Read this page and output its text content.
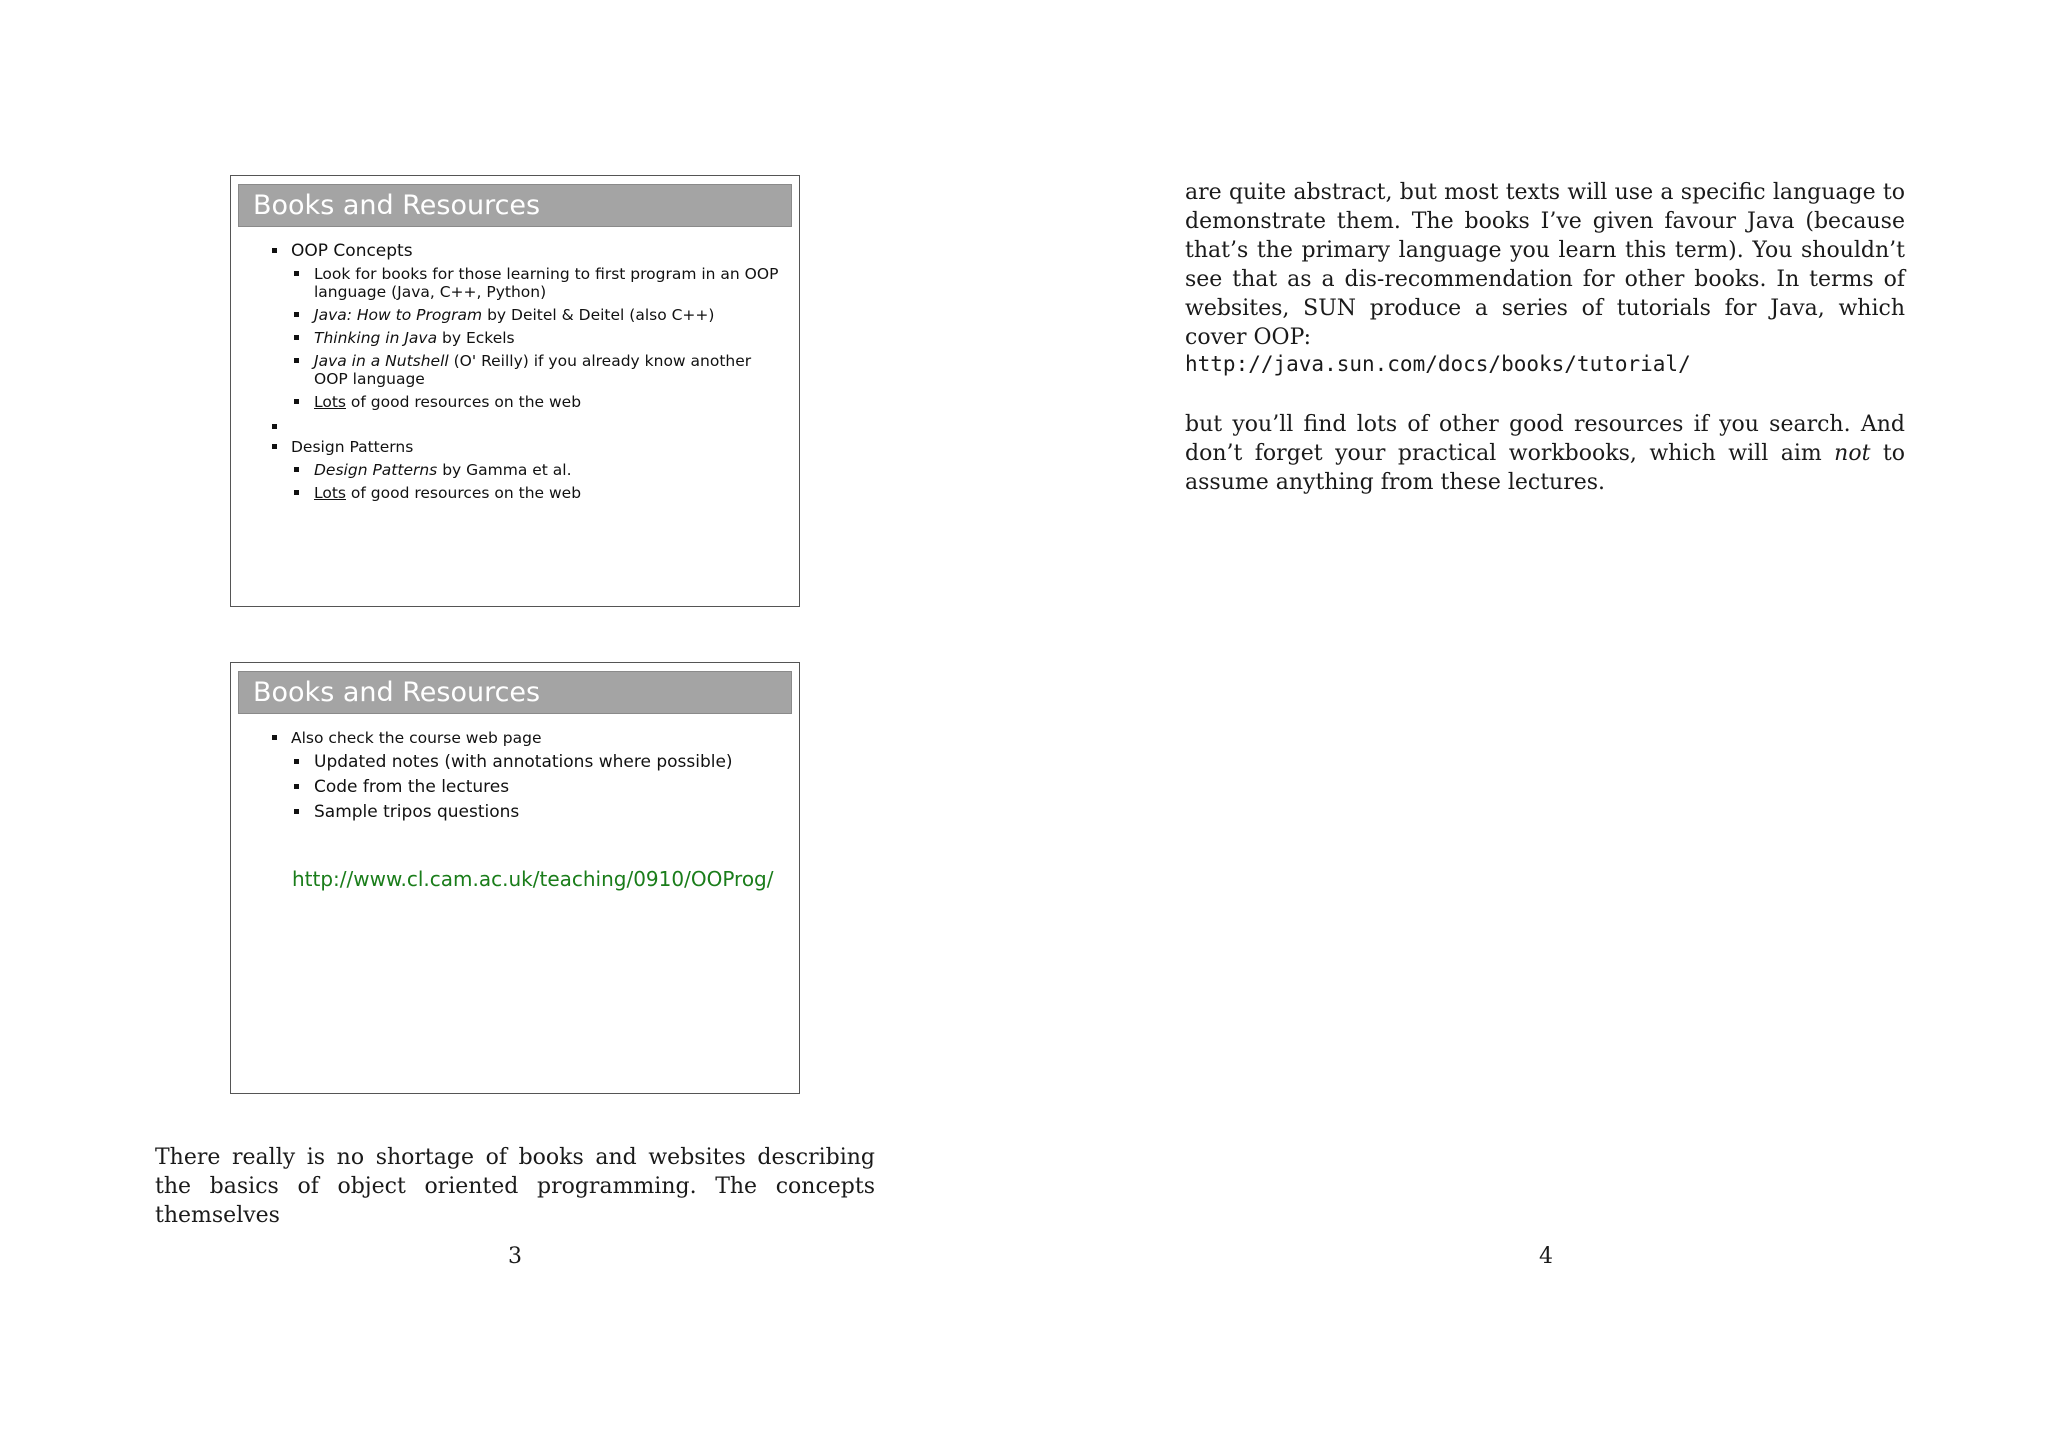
Books and Resources
OOP Concepts
Look for books for those learning to first program in an OOP language (Java, C++, Python)
Java: How to Program by Deitel & Deitel (also C++)
Thinking in Java by Eckels
Java in a Nutshell (O' Reilly) if you already know another OOP language
Lots of good resources on the web
Design Patterns
Design Patterns by Gamma et al.
Lots of good resources on the web
Books and Resources
Also check the course web page
Updated notes (with annotations where possible)
Code from the lectures
Sample tripos questions
http://www.cl.cam.ac.uk/teaching/0910/OOProg/
There really is no shortage of books and websites describing the basics of object oriented programming. The concepts themselves
3
are quite abstract, but most texts will use a specific language to demonstrate them. The books I’ve given favour Java (because that’s the primary language you learn this term). You shouldn’t see that as a dis-recommendation for other books. In terms of websites, SUN produce a series of tutorials for Java, which cover OOP:
http://java.sun.com/docs/books/tutorial/
but you’ll find lots of other good resources if you search. And don’t forget your practical workbooks, which will aim not to assume anything from these lectures.
4
